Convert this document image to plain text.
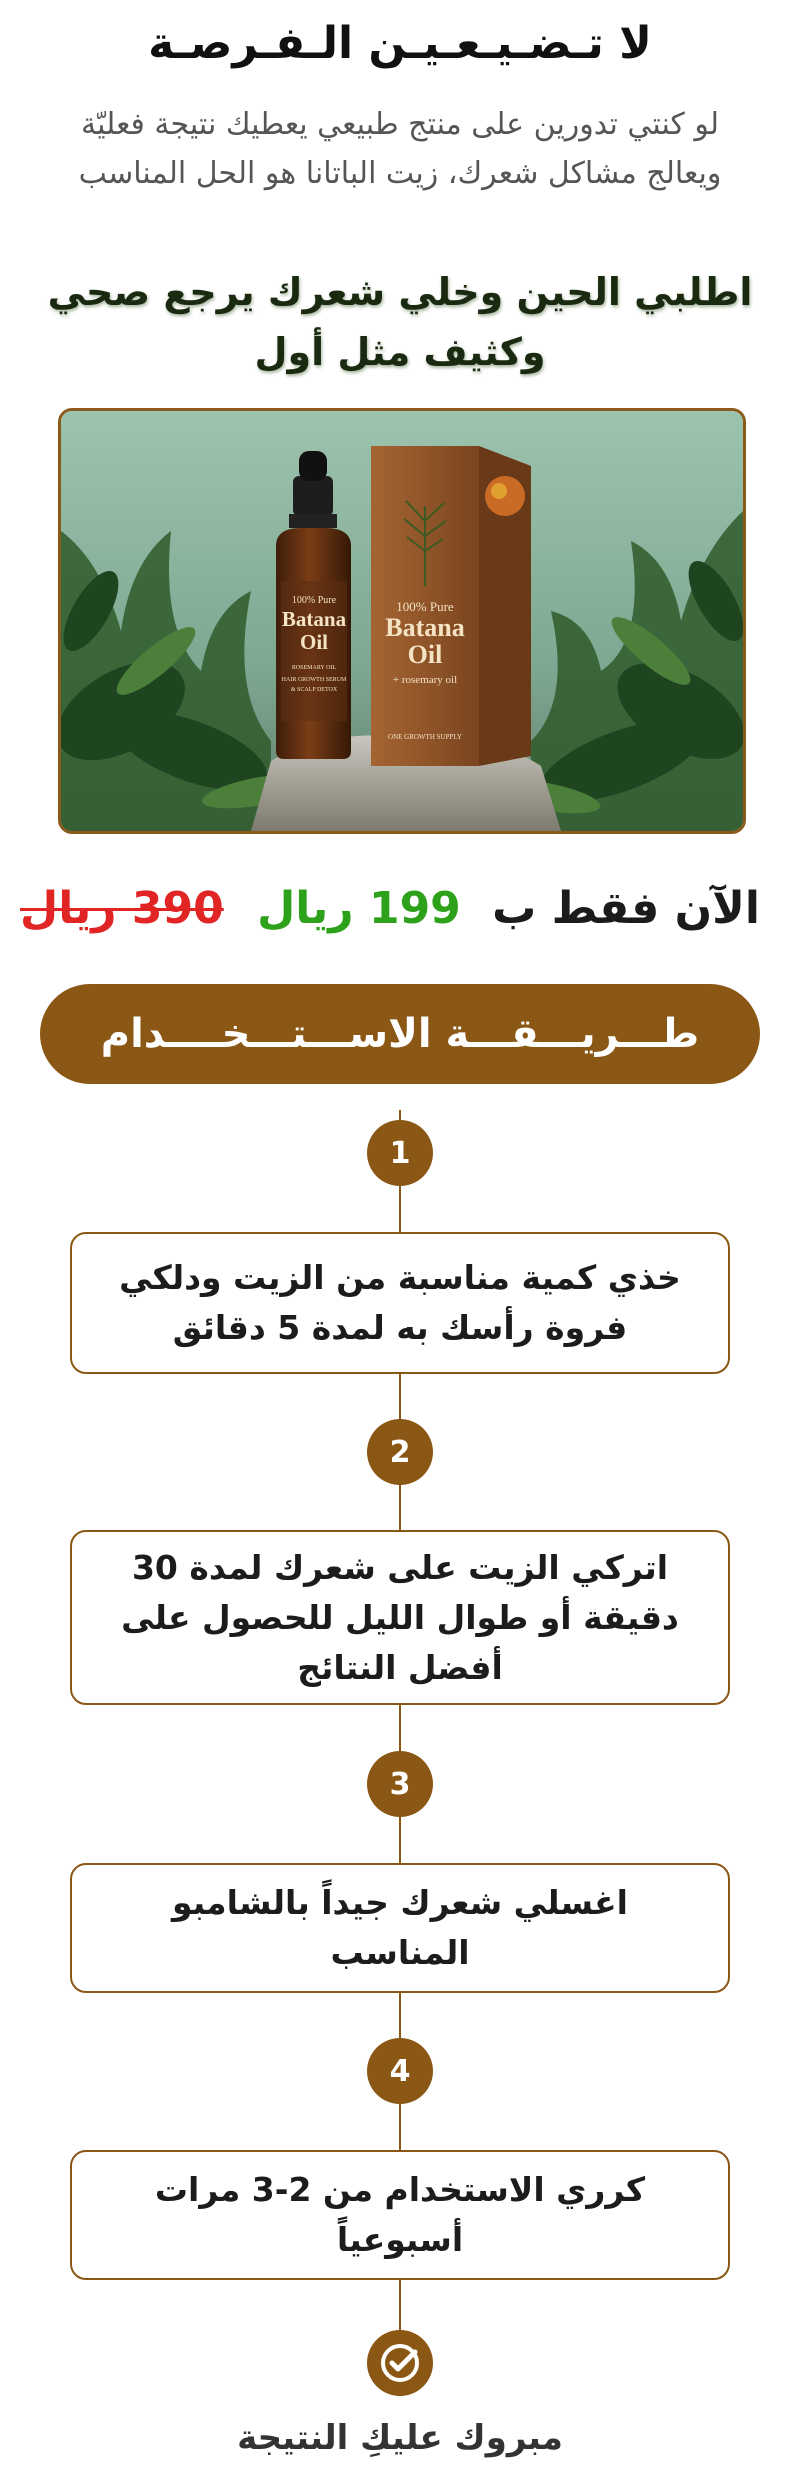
لا تـضـيـعـيـن الـفـرصـة

لو كنتي تدورين على منتج طبيعي يعطيك نتيجة فعليّة ويعالج مشاكل شعرك، زيت الباتانا هو الحل المناسب

اطلبي الحين وخلي شعرك يرجع صحي وكثيف مثل أول
100% Pure
Batana
Oil
+ rosemary oil
ONE GROWTH SUPPLY
100% Pure
Batana
Oil
ROSEMARY OIL
HAIR GROWTH SERUM
& SCALP DETOX
الآن فقط ب 199 ريال 390 ريال
طـــريـــقـــة الاســـتـــخــــدام
1
خذي كمية مناسبة من الزيت ودلكي فروة رأسك به لمدة 5 دقائق
2
اتركي الزيت على شعرك لمدة 30 دقيقة أو طوال الليل للحصول على أفضل النتائج
3
اغسلي شعرك جيداً بالشامبو المناسب
4
كرري الاستخدام من 2-3 مرات أسبوعياً

مبروك عليكِ النتيجة
